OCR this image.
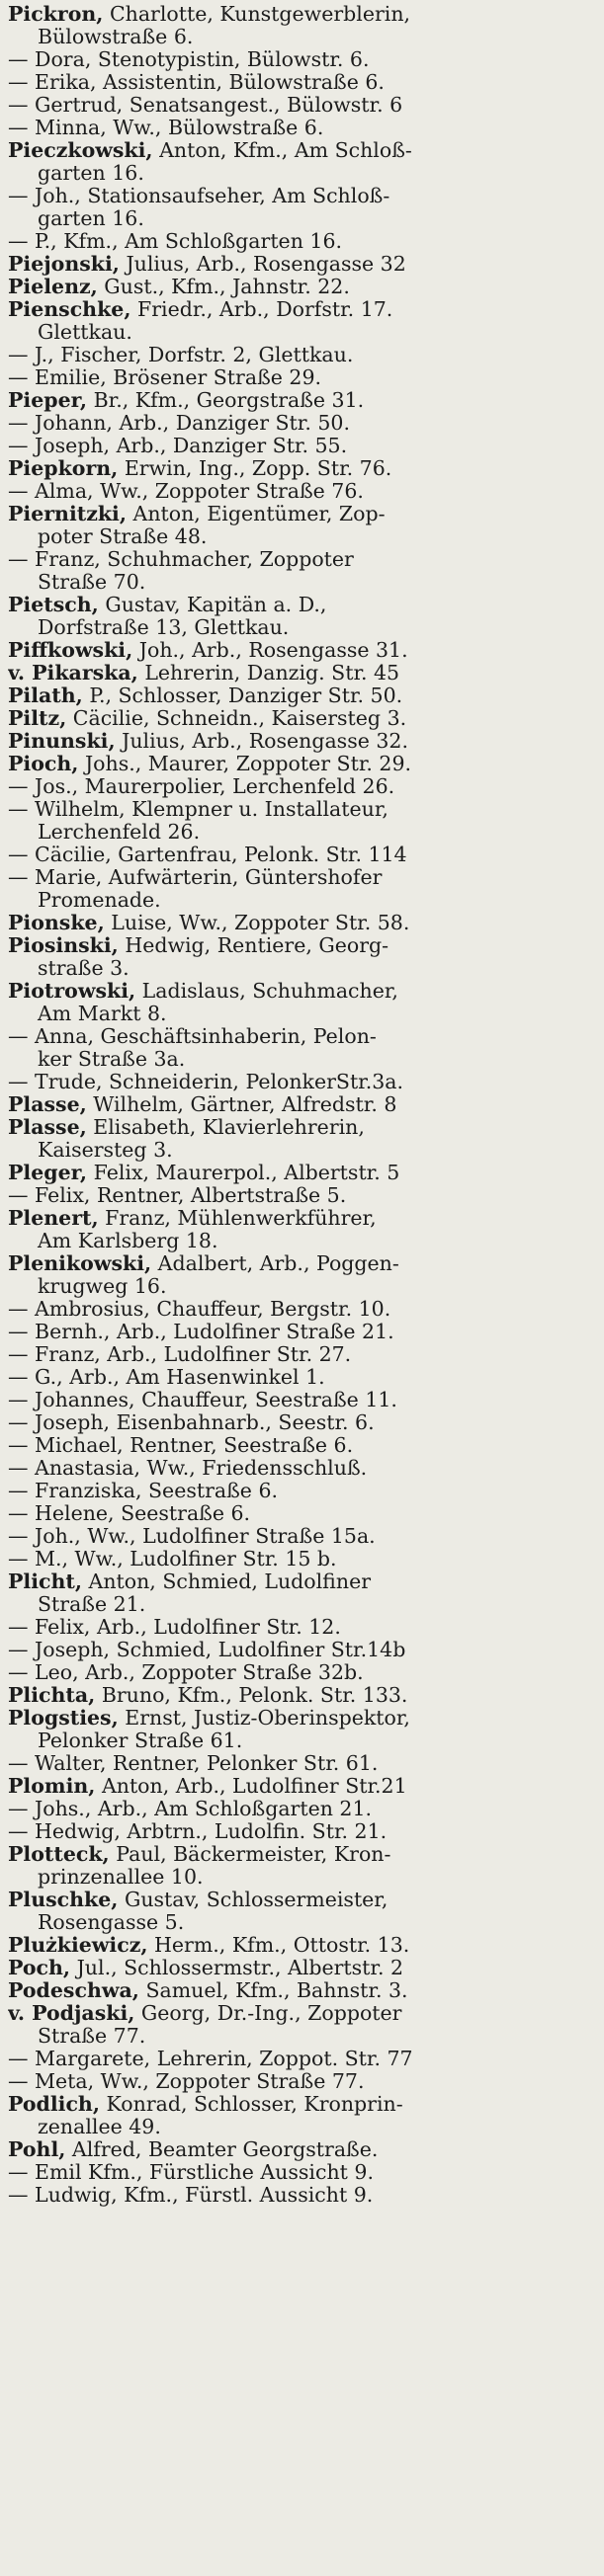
Pickron, Charlotte, Kunstgewerblerin,
Bülowstraße 6.

— Dora, Stenotypistin, Bülowstr. 6.

— Erika, Assistentin, Bülowstraße 6.

— Gertrud, Senatsangest., Bülowstr. 6

— Minna, Ww., Bülowstraße 6.

Pieczkowski, Anton, Kfm., Am Schloß-
garten 16.

— Joh., Stationsaufseher, Am Schloß-
garten 16.

— P., Kfm., Am Schloßgarten 16.

Piejonski, Julius, Arb., Rosengasse 32

Pielenz, Gust., Kfm., Jahnstr. 22.

Pienschke, Friedr., Arb., Dorfstr. 17.
Glettkau.

— J., Fischer, Dorfstr. 2, Glettkau.

— Emilie, Brösener Straße 29.

Pieper, Br., Kfm., Georgstraße 31.

— Johann, Arb., Danziger Str. 50.

— Joseph, Arb., Danziger Str. 55.

Piepkorn, Erwin, Ing., Zopp. Str. 76.

— Alma, Ww., Zoppoter Straße 76.

Piernitzki, Anton, Eigentümer, Zop-
poter Straße 48.

— Franz, Schuhmacher, Zoppoter
Straße 70.

Pietsch, Gustav, Kapitän a. D.,
Dorfstraße 13, Glettkau.

Piffkowski, Joh., Arb., Rosengasse 31.

v. Pikarska, Lehrerin, Danzig. Str. 45

Pilath, P., Schlosser, Danziger Str. 50.

Piltz, Cäcilie, Schneidn., Kaisersteg 3.

Pinunski, Julius, Arb., Rosengasse 32.

Pioch, Johs., Maurer, Zoppoter Str. 29.

— Jos., Maurerpolier, Lerchenfeld 26.

— Wilhelm, Klempner u. Installateur,
Lerchenfeld 26.

— Cäcilie, Gartenfrau, Pelonk. Str. 114

— Marie, Aufwärterin, Güntershofer
Promenade.

Pionske, Luise, Ww., Zoppoter Str. 58.

Piosinski, Hedwig, Rentiere, Georg-
straße 3.

Piotrowski, Ladislaus, Schuhmacher,
Am Markt 8.

— Anna, Geschäftsinhaberin, Pelon-
ker Straße 3a.

— Trude, Schneiderin, PelonkerStr.3a.

Plasse, Wilhelm, Gärtner, Alfredstr. 8

Plasse, Elisabeth, Klavierlehrerin,
Kaisersteg 3.

Pleger, Felix, Maurerpol., Albertstr. 5

— Felix, Rentner, Albertstraße 5.

Plenert, Franz, Mühlenwerkführer,
Am Karlsberg 18.

Plenikowski, Adalbert, Arb., Poggen-
krugweg 16.

— Ambrosius, Chauffeur, Bergstr. 10.

— Bernh., Arb., Ludolfiner Straße 21.

— Franz, Arb., Ludolfiner Str. 27.

— G., Arb., Am Hasenwinkel 1.

— Johannes, Chauffeur, Seestraße 11.

— Joseph, Eisenbahnarb., Seestr. 6.

— Michael, Rentner, Seestraße 6.

— Anastasia, Ww., Friedensschluß.

— Franziska, Seestraße 6.

— Helene, Seestraße 6.

— Joh., Ww., Ludolfiner Straße 15a.

— M., Ww., Ludolfiner Str. 15 b.

Plicht, Anton, Schmied, Ludolfiner
Straße 21.

— Felix, Arb., Ludolfiner Str. 12.

— Joseph, Schmied, Ludolfiner Str.14b

— Leo, Arb., Zoppoter Straße 32b.

Plichta, Bruno, Kfm., Pelonk. Str. 133.

Plogsties, Ernst, Justiz-Oberinspektor,
Pelonker Straße 61.

— Walter, Rentner, Pelonker Str. 61.

Plomin, Anton, Arb., Ludolfiner Str.21

— Johs., Arb., Am Schloßgarten 21.

— Hedwig, Arbtrn., Ludolfin. Str. 21.

Plotteck, Paul, Bäckermeister, Kron-
prinzenallee 10.

Pluschke, Gustav, Schlossermeister,
Rosengasse 5.

Plużkiewicz, Herm., Kfm., Ottostr. 13.

Poch, Jul., Schlossermstr., Albertstr. 2

Podeschwa, Samuel, Kfm., Bahnstr. 3.

v. Podjaski, Georg, Dr.-Ing., Zoppoter
Straße 77.

— Margarete, Lehrerin, Zoppot. Str. 77

— Meta, Ww., Zoppoter Straße 77.

Podlich, Konrad, Schlosser, Kronprin-
zenallee 49.

Pohl, Alfred, Beamter Georgstraße.

— Emil Kfm., Fürstliche Aussicht 9.

— Ludwig, Kfm., Fürstl. Aussicht 9.
